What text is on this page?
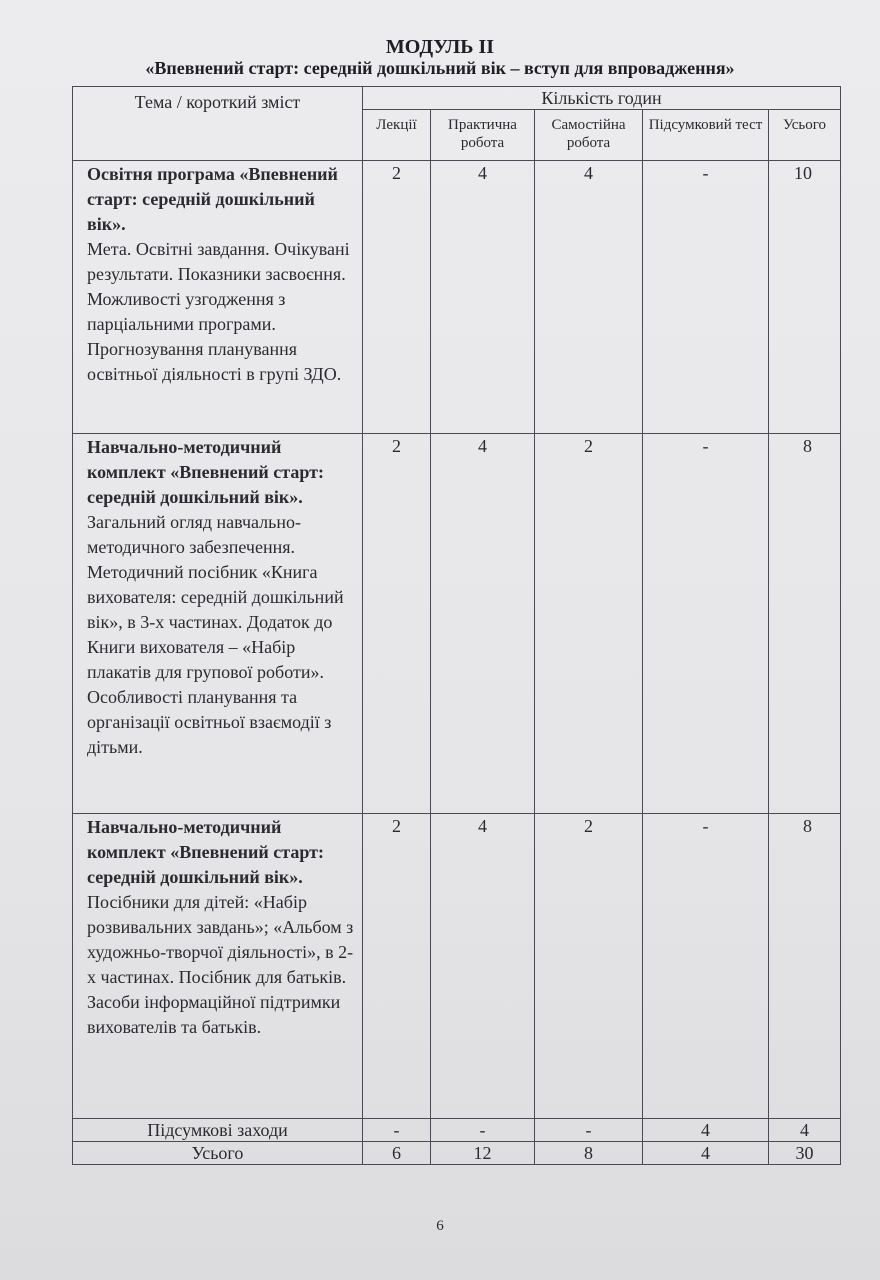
МОДУЛЬ ІІ
«Впевнений старт: середній дошкільний вік – вступ для впровадження»
Тема / короткий зміст	Кількість годин				
	Лекції	Практична робота	Самостійна робота	Підсумковий тест	Усього

Освітня програма «Впевнений старт: середній дошкільний вік».
Мета. Освітні завдання. Очікувані результати. Показники засвоєння. Можливості узгодження з парціальними програми. Прогнозування планування освітньої діяльності в групі ЗДО.	2	4	4	-	10

Навчально-методичний комплект «Впевнений старт: середній дошкільний вік».
Загальний огляд навчально-методичного забезпечення. Методичний посібник «Книга вихователя: середній дошкільний вік», в 3-х частинах. Додаток до Книги вихователя – «Набір плакатів для групової роботи». Особливості планування та організації освітньої взаємодії з дітьми.	2	4	2	-	8

Навчально-методичний комплект «Впевнений старт: середній дошкільний вік».
Посібники для дітей: «Набір розвивальних завдань»; «Альбом з художньо-творчої діяльності», в 2-х частинах. Посібник для батьків. Засоби інформаційної підтримки вихователів та батьків.	2	4	2	-	8
Підсумкові заходи	-	-	-	4	4
Усього	6	12	8	4	30
6
